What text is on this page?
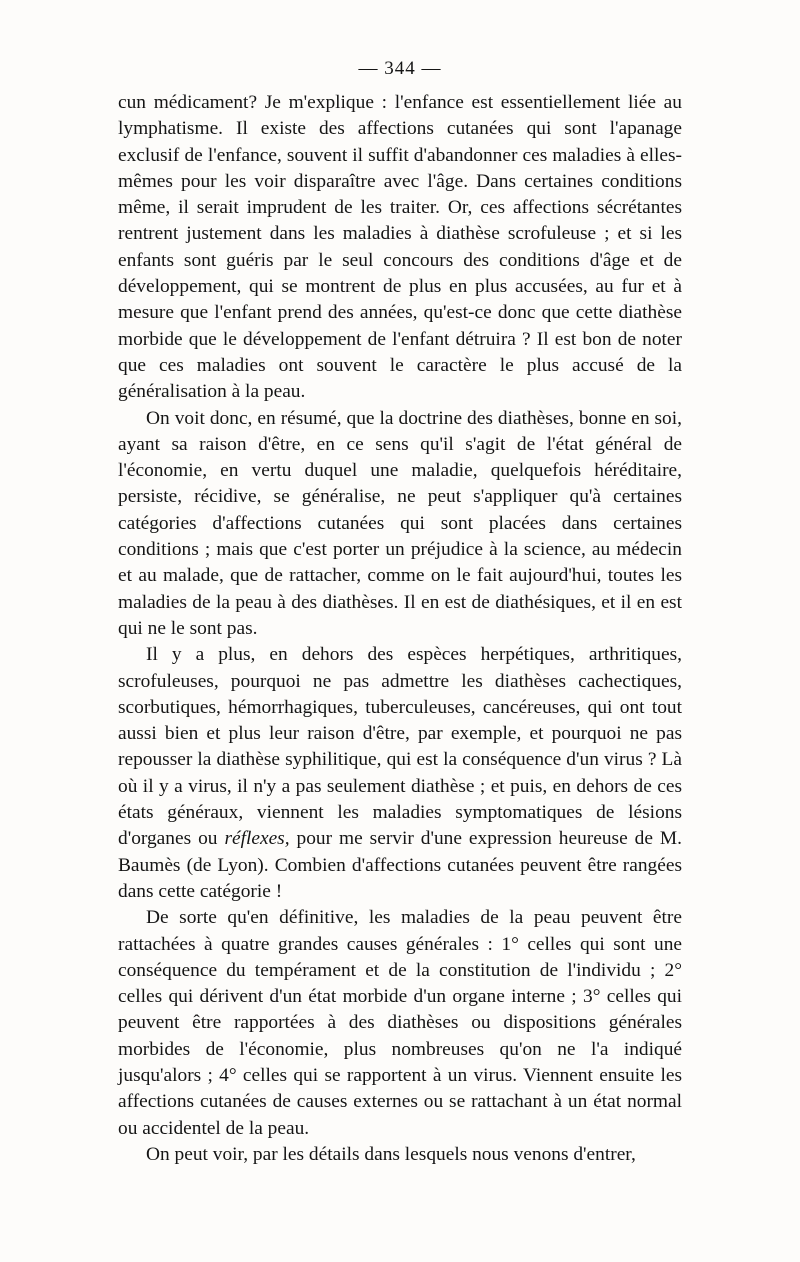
— 344 —

cun médicament? Je m'explique : l'enfance est essentiellement liée au lymphatisme. Il existe des affections cutanées qui sont l'apanage exclusif de l'enfance, souvent il suffit d'abandonner ces maladies à elles-mêmes pour les voir disparaître avec l'âge. Dans certaines conditions même, il serait imprudent de les traiter. Or, ces affections sécrétantes rentrent justement dans les maladies à diathèse scrofuleuse ; et si les enfants sont guéris par le seul concours des conditions d'âge et de développement, qui se montrent de plus en plus accusées, au fur et à mesure que l'enfant prend des années, qu'est-ce donc que cette diathèse morbide que le développement de l'enfant détruira ? Il est bon de noter que ces maladies ont souvent le caractère le plus accusé de la généralisation à la peau.

On voit donc, en résumé, que la doctrine des diathèses, bonne en soi, ayant sa raison d'être, en ce sens qu'il s'agit de l'état général de l'économie, en vertu duquel une maladie, quelquefois héréditaire, persiste, récidive, se généralise, ne peut s'appliquer qu'à certaines catégories d'affections cutanées qui sont placées dans certaines conditions ; mais que c'est porter un préjudice à la science, au médecin et au malade, que de rattacher, comme on le fait aujourd'hui, toutes les maladies de la peau à des diathèses. Il en est de diathésiques, et il en est qui ne le sont pas.

Il y a plus, en dehors des espèces herpétiques, arthritiques, scrofuleuses, pourquoi ne pas admettre les diathèses cachectiques, scorbutiques, hémorrhagiques, tuberculeuses, cancéreuses, qui ont tout aussi bien et plus leur raison d'être, par exemple, et pourquoi ne pas repousser la diathèse syphilitique, qui est la conséquence d'un virus ? Là où il y a virus, il n'y a pas seulement diathèse ; et puis, en dehors de ces états généraux, viennent les maladies symptomatiques de lésions d'organes ou réflexes, pour me servir d'une expression heureuse de M. Baumès (de Lyon). Combien d'affections cutanées peuvent être rangées dans cette catégorie !

De sorte qu'en définitive, les maladies de la peau peuvent être rattachées à quatre grandes causes générales : 1° celles qui sont une conséquence du tempérament et de la constitution de l'individu ; 2° celles qui dérivent d'un état morbide d'un organe interne ; 3° celles qui peuvent être rapportées à des diathèses ou dispositions générales morbides de l'économie, plus nombreuses qu'on ne l'a indiqué jusqu'alors ; 4° celles qui se rapportent à un virus. Viennent ensuite les affections cutanées de causes externes ou se rattachant à un état normal ou accidentel de la peau.

On peut voir, par les détails dans lesquels nous venons d'entrer,
